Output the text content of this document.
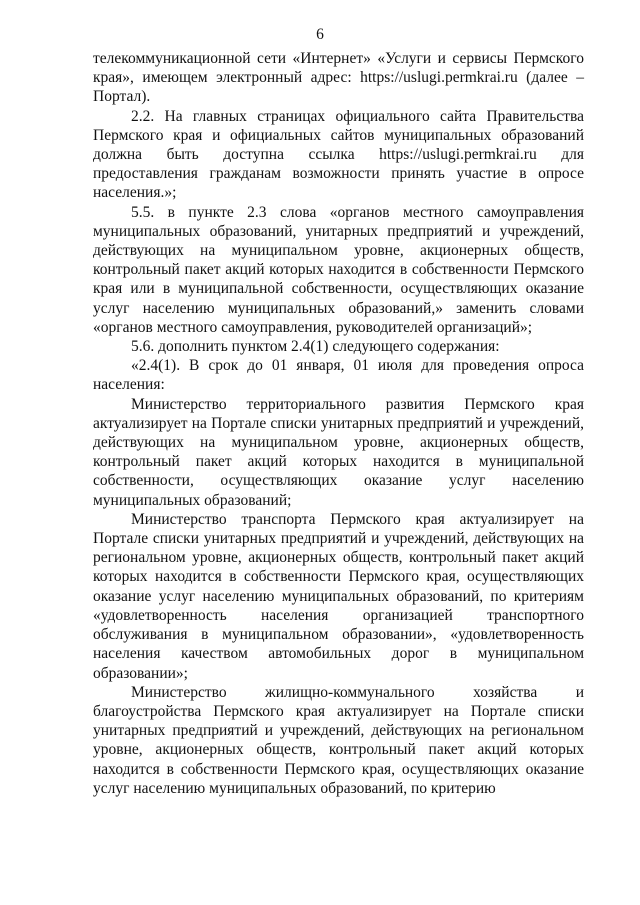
6

телекоммуникационной сети «Интернет» «Услуги и сервисы Пермского края», имеющем электронный адрес: https://uslugi.permkrai.ru (далее – Портал).

2.2. На главных страницах официального сайта Правительства Пермского края и официальных сайтов муниципальных образований должна быть доступна ссылка https://uslugi.permkrai.ru для предоставления гражданам возможности принять участие в опросе населения.»;

5.5. в пункте 2.3 слова «органов местного самоуправления муниципальных образований, унитарных предприятий и учреждений, действующих на муниципальном уровне, акционерных обществ, контрольный пакет акций которых находится в собственности Пермского края или в муниципальной собственности, осуществляющих оказание услуг населению муниципальных образований,» заменить словами «органов местного самоуправления, руководителей организаций»;

5.6. дополнить пунктом 2.4(1) следующего содержания:

«2.4(1). В срок до 01 января, 01 июля для проведения опроса населения:

Министерство территориального развития Пермского края актуализирует на Портале списки унитарных предприятий и учреждений, действующих на муниципальном уровне, акционерных обществ, контрольный пакет акций которых находится в муниципальной собственности, осуществляющих оказание услуг населению муниципальных образований;

Министерство транспорта Пермского края актуализирует на Портале списки унитарных предприятий и учреждений, действующих на региональном уровне, акционерных обществ, контрольный пакет акций которых находится в собственности Пермского края, осуществляющих оказание услуг населению муниципальных образований, по критериям «удовлетворенность населения организацией транспортного обслуживания в муниципальном образовании», «удовлетворенность населения качеством автомобильных дорог в муниципальном образовании»;

Министерство жилищно-коммунального хозяйства и благоустройства Пермского края актуализирует на Портале списки унитарных предприятий и учреждений, действующих на региональном уровне, акционерных обществ, контрольный пакет акций которых находится в собственности Пермского края, осуществляющих оказание услуг населению муниципальных образований, по критерию
